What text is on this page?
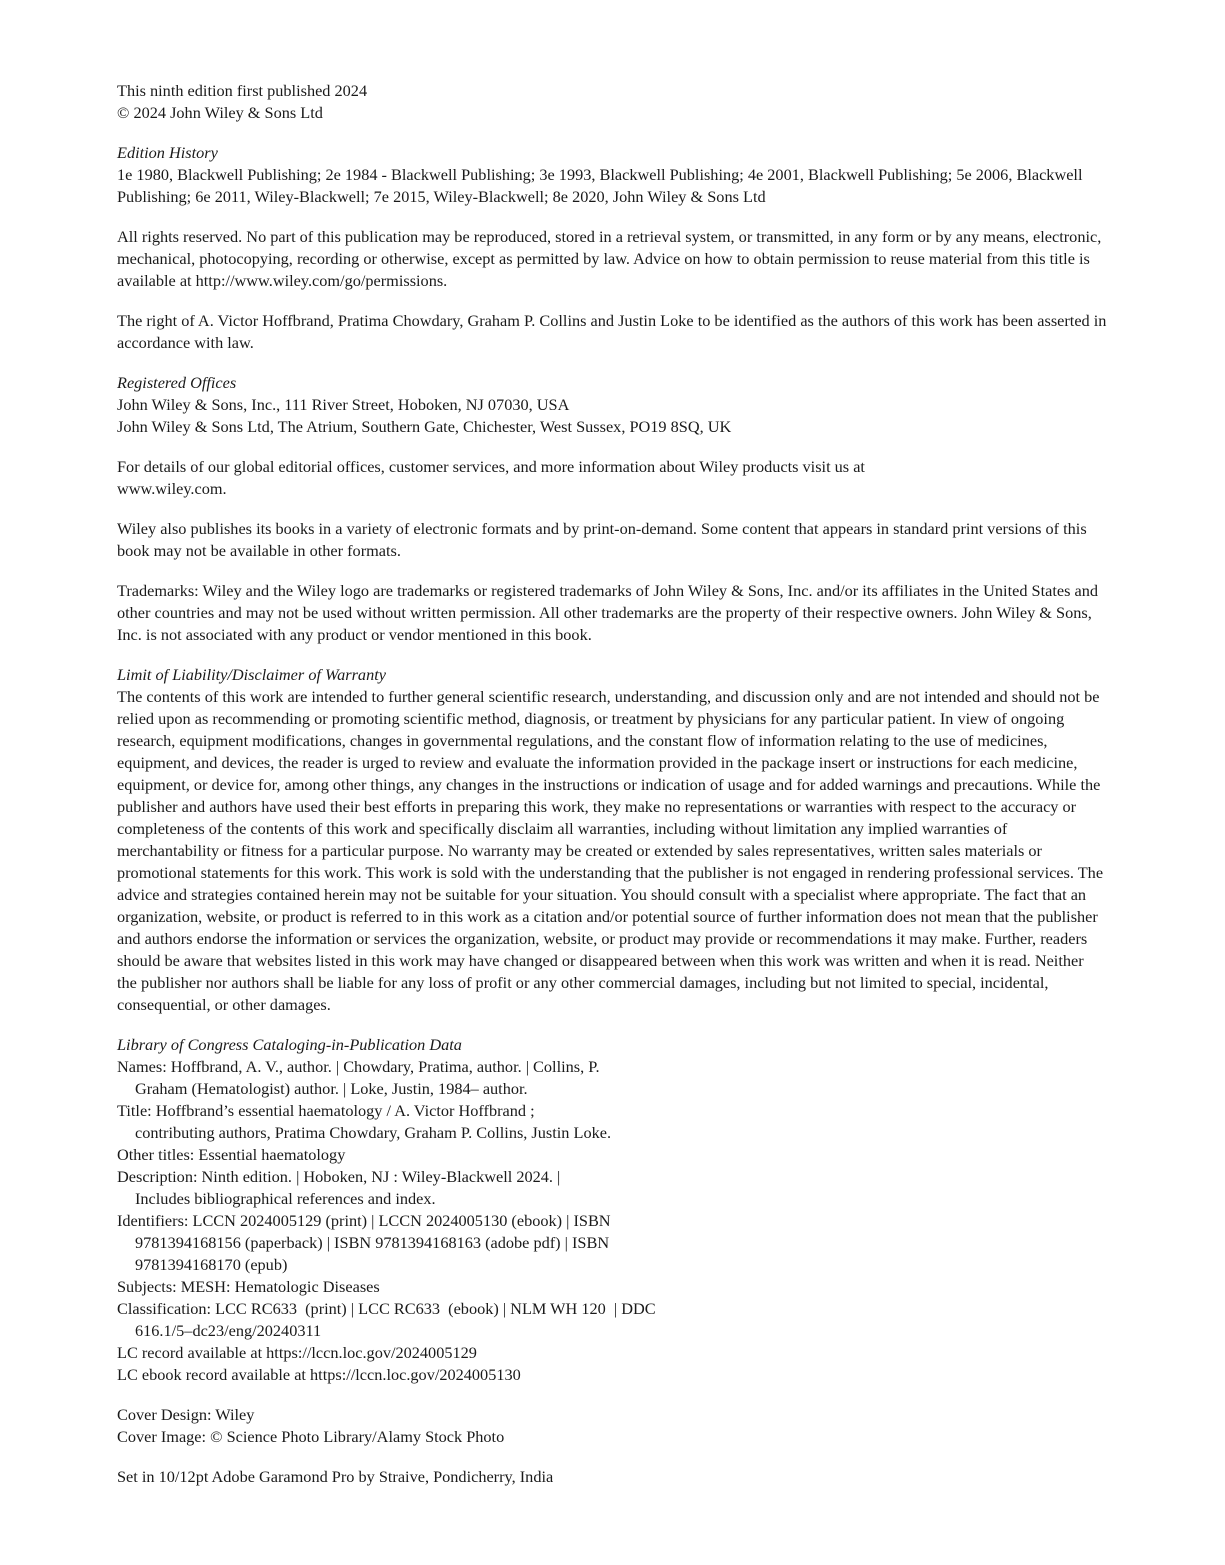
This ninth edition first published 2024
© 2024 John Wiley & Sons Ltd
Edition History
1e 1980, Blackwell Publishing; 2e 1984 - Blackwell Publishing; 3e 1993, Blackwell Publishing; 4e 2001, Blackwell Publishing; 5e 2006, Blackwell Publishing; 6e 2011, Wiley-Blackwell; 7e 2015, Wiley-Blackwell; 8e 2020, John Wiley & Sons Ltd
All rights reserved. No part of this publication may be reproduced, stored in a retrieval system, or transmitted, in any form or by any means, electronic, mechanical, photocopying, recording or otherwise, except as permitted by law. Advice on how to obtain permission to reuse material from this title is available at http://www.wiley.com/go/permissions.
The right of A. Victor Hoffbrand, Pratima Chowdary, Graham P. Collins and Justin Loke to be identified as the authors of this work has been asserted in accordance with law.
Registered Offices
John Wiley & Sons, Inc., 111 River Street, Hoboken, NJ 07030, USA
John Wiley & Sons Ltd, The Atrium, Southern Gate, Chichester, West Sussex, PO19 8SQ, UK
For details of our global editorial offices, customer services, and more information about Wiley products visit us at
www.wiley.com.
Wiley also publishes its books in a variety of electronic formats and by print-on-demand. Some content that appears in standard print versions of this book may not be available in other formats.
Trademarks: Wiley and the Wiley logo are trademarks or registered trademarks of John Wiley & Sons, Inc. and/or its affiliates in the United States and other countries and may not be used without written permission. All other trademarks are the property of their respective owners. John Wiley & Sons, Inc. is not associated with any product or vendor mentioned in this book.
Limit of Liability/Disclaimer of Warranty
The contents of this work are intended to further general scientific research, understanding, and discussion only and are not intended and should not be relied upon as recommending or promoting scientific method, diagnosis, or treatment by physicians for any particular patient. In view of ongoing research, equipment modifications, changes in governmental regulations, and the constant flow of information relating to the use of medicines, equipment, and devices, the reader is urged to review and evaluate the information provided in the package insert or instructions for each medicine, equipment, or device for, among other things, any changes in the instructions or indication of usage and for added warnings and precautions. While the publisher and authors have used their best efforts in preparing this work, they make no representations or warranties with respect to the accuracy or completeness of the contents of this work and specifically disclaim all warranties, including without limitation any implied warranties of merchantability or fitness for a particular purpose. No warranty may be created or extended by sales representatives, written sales materials or promotional statements for this work. This work is sold with the understanding that the publisher is not engaged in rendering professional services. The advice and strategies contained herein may not be suitable for your situation. You should consult with a specialist where appropriate. The fact that an organization, website, or product is referred to in this work as a citation and/or potential source of further information does not mean that the publisher and authors endorse the information or services the organization, website, or product may provide or recommendations it may make. Further, readers should be aware that websites listed in this work may have changed or disappeared between when this work was written and when it is read. Neither the publisher nor authors shall be liable for any loss of profit or any other commercial damages, including but not limited to special, incidental, consequential, or other damages.
Library of Congress Cataloging-in-Publication Data
Names: Hoffbrand, A. V., author. | Chowdary, Pratima, author. | Collins, P.
Graham (Hematologist) author. | Loke, Justin, 1984– author.
Title: Hoffbrand’s essential haematology / A. Victor Hoffbrand ;
contributing authors, Pratima Chowdary, Graham P. Collins, Justin Loke.
Other titles: Essential haematology
Description: Ninth edition. | Hoboken, NJ : Wiley-Blackwell 2024. |
Includes bibliographical references and index.
Identifiers: LCCN 2024005129 (print) | LCCN 2024005130 (ebook) | ISBN
9781394168156 (paperback) | ISBN 9781394168163 (adobe pdf) | ISBN
9781394168170 (epub)
Subjects: MESH: Hematologic Diseases
Classification: LCC RC633  (print) | LCC RC633  (ebook) | NLM WH 120  | DDC
616.1/5–dc23/eng/20240311
LC record available at https://lccn.loc.gov/2024005129
LC ebook record available at https://lccn.loc.gov/2024005130
Cover Design: Wiley
Cover Image: © Science Photo Library/Alamy Stock Photo
Set in 10/12pt Adobe Garamond Pro by Straive, Pondicherry, India
